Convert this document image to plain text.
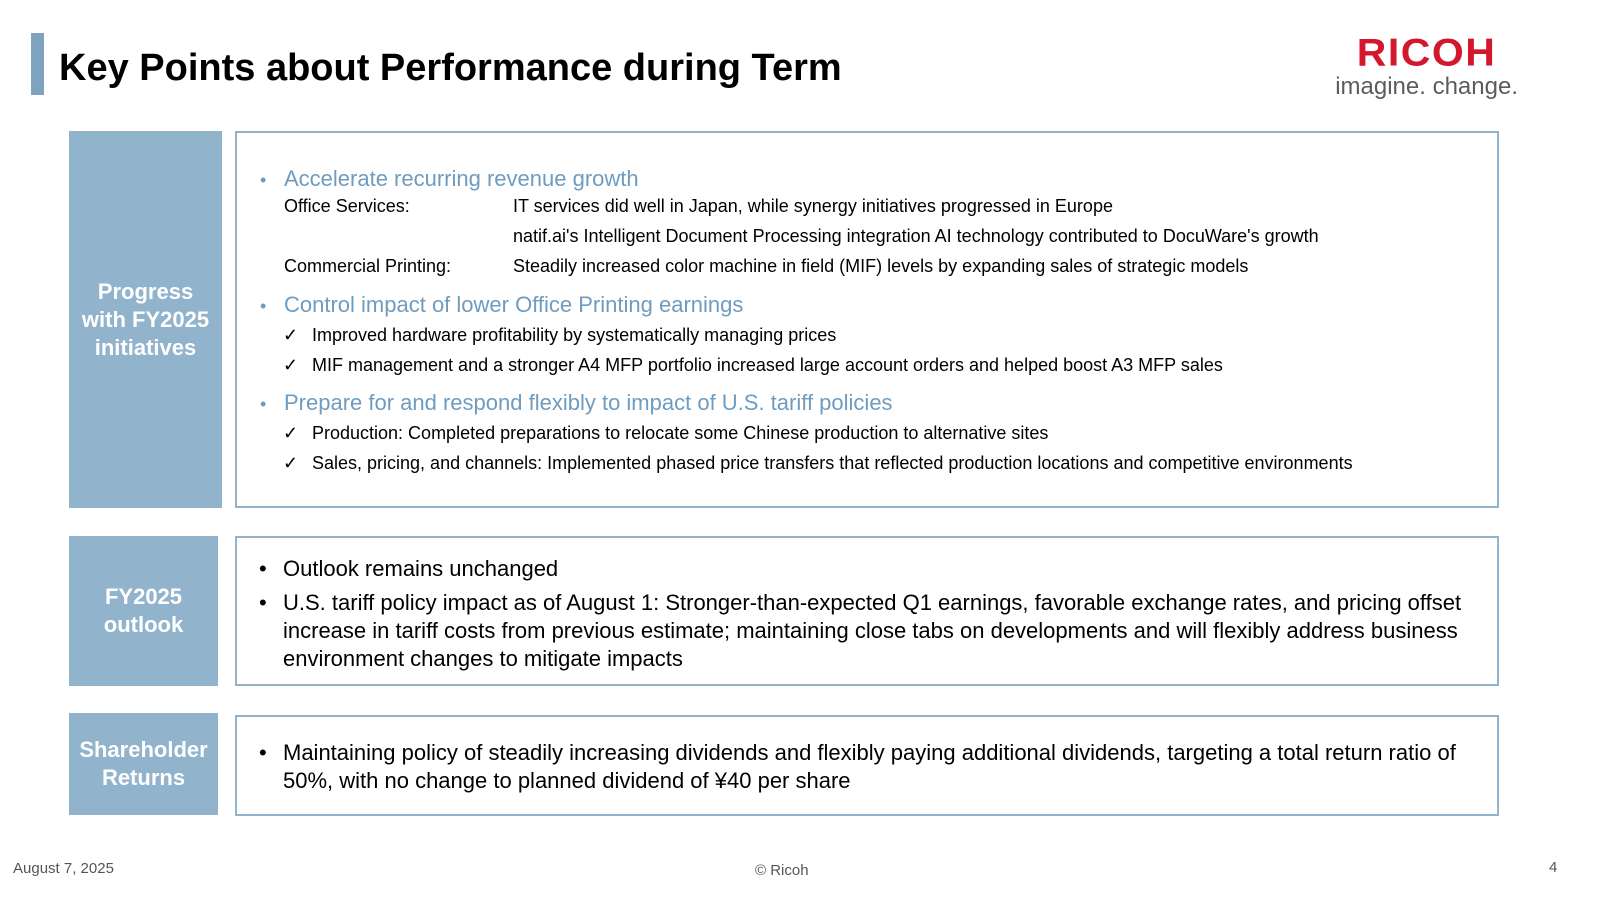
Key Points about Performance during Term	RICOH
imagine. change.
Progress
with FY2025
initiatives
• Accelerate recurring revenue growth
Office Services:	IT services did well in Japan, while synergy initiatives progressed in Europe
natif.ai's Intelligent Document Processing integration AI technology contributed to DocuWare's growth
Commercial Printing:	Steadily increased color machine in field (MIF) levels by expanding sales of strategic models
• Control impact of lower Office Printing earnings
✓ Improved hardware profitability by systematically managing prices
✓ MIF management and a stronger A4 MFP portfolio increased large account orders and helped boost A3 MFP sales
• Prepare for and respond flexibly to impact of U.S. tariff policies
✓ Production: Completed preparations to relocate some Chinese production to alternative sites
✓ Sales, pricing, and channels: Implemented phased price transfers that reflected production locations and competitive environments
FY2025
outlook
• Outlook remains unchanged
• U.S. tariff policy impact as of August 1: Stronger-than-expected Q1 earnings, favorable exchange rates, and pricing offset increase in tariff costs from previous estimate; maintaining close tabs on developments and will flexibly address business environment changes to mitigate impacts
Shareholder
Returns
• Maintaining policy of steadily increasing dividends and flexibly paying additional dividends, targeting a total return ratio of 50%, with no change to planned dividend of ¥40 per share
August 7, 2025	© Ricoh	4
